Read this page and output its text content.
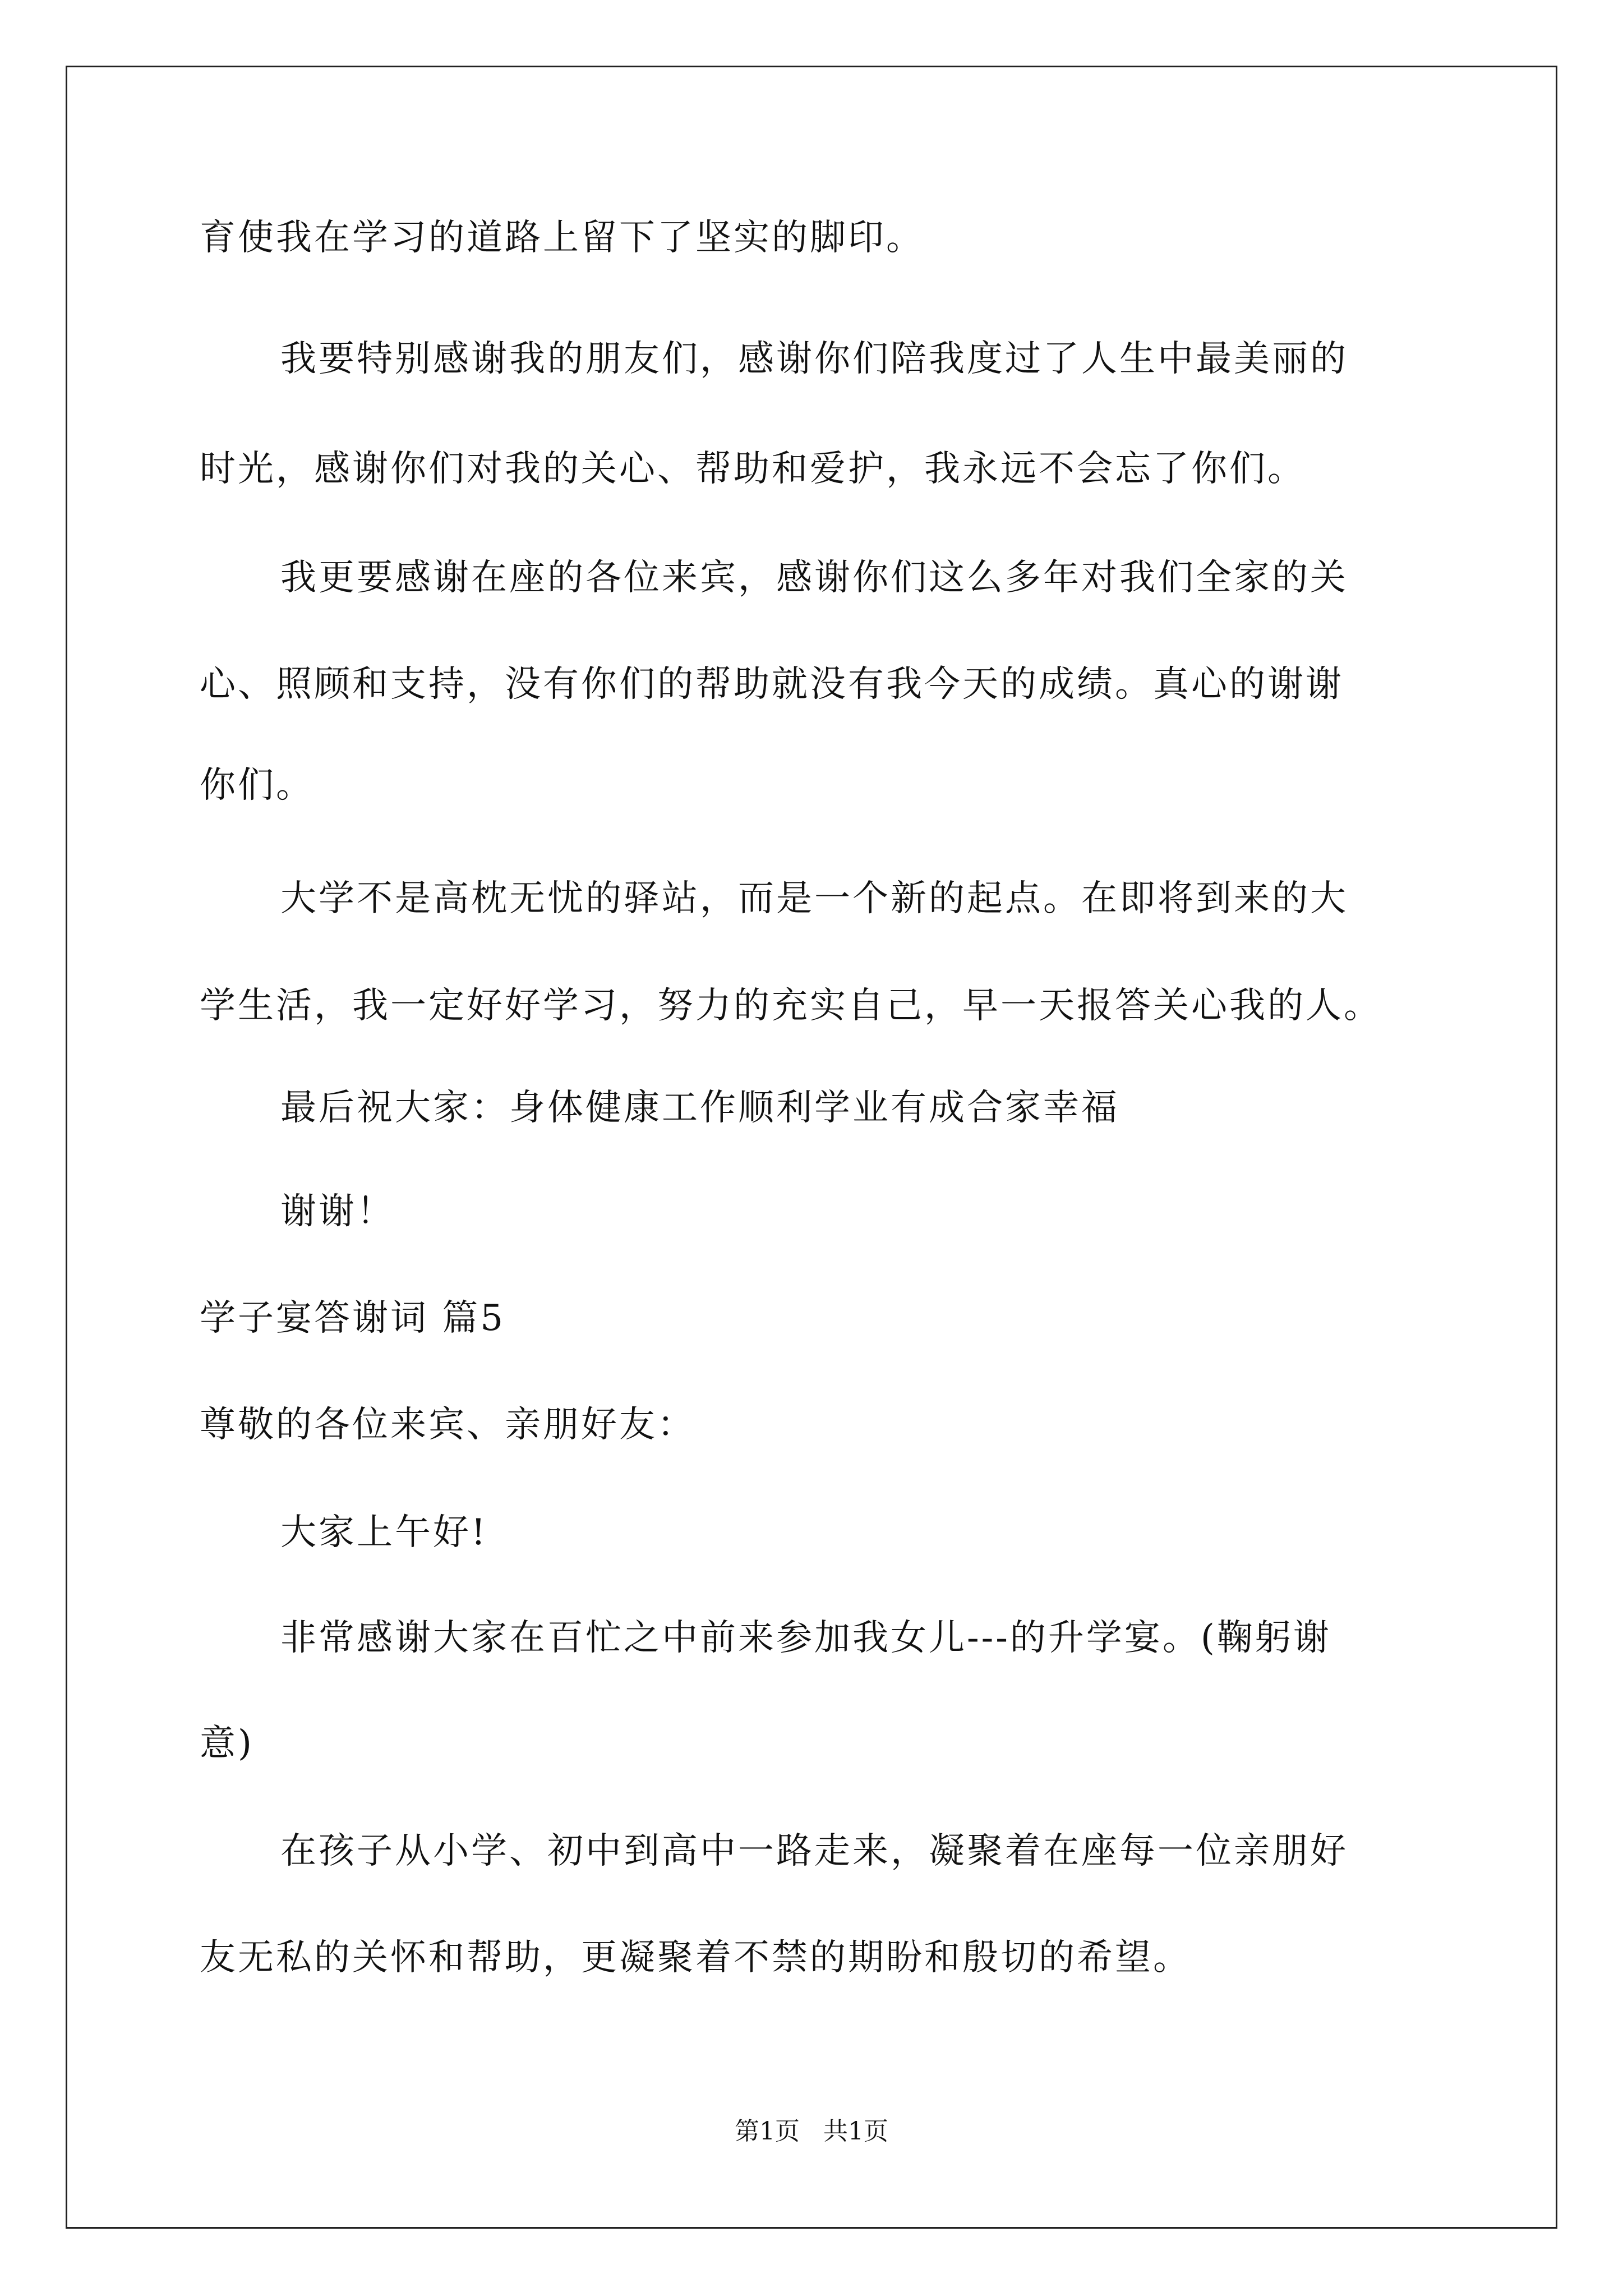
育使我在学习的道路上留下了坚实的脚印。
我要特别感谢我的朋友们，感谢你们陪我度过了人生中最美丽的
时光，感谢你们对我的关心、帮助和爱护，我永远不会忘了你们。
我更要感谢在座的各位来宾，感谢你们这么多年对我们全家的关
心、照顾和支持，没有你们的帮助就没有我今天的成绩。真心的谢谢
你们。
大学不是高枕无忧的驿站，而是一个新的起点。在即将到来的大
学生活，我一定好好学习，努力的充实自己，早一天报答关心我的人。
最后祝大家：身体健康工作顺利学业有成合家幸福
谢谢！
学子宴答谢词 篇5
尊敬的各位来宾、亲朋好友：
大家上午好!
非常感谢大家在百忙之中前来参加我女儿---的升学宴。(鞠躬谢
意)
在孩子从小学、初中到高中一路走来，凝聚着在座每一位亲朋好
友无私的关怀和帮助，更凝聚着不禁的期盼和殷切的希望。
第1页   共1页
